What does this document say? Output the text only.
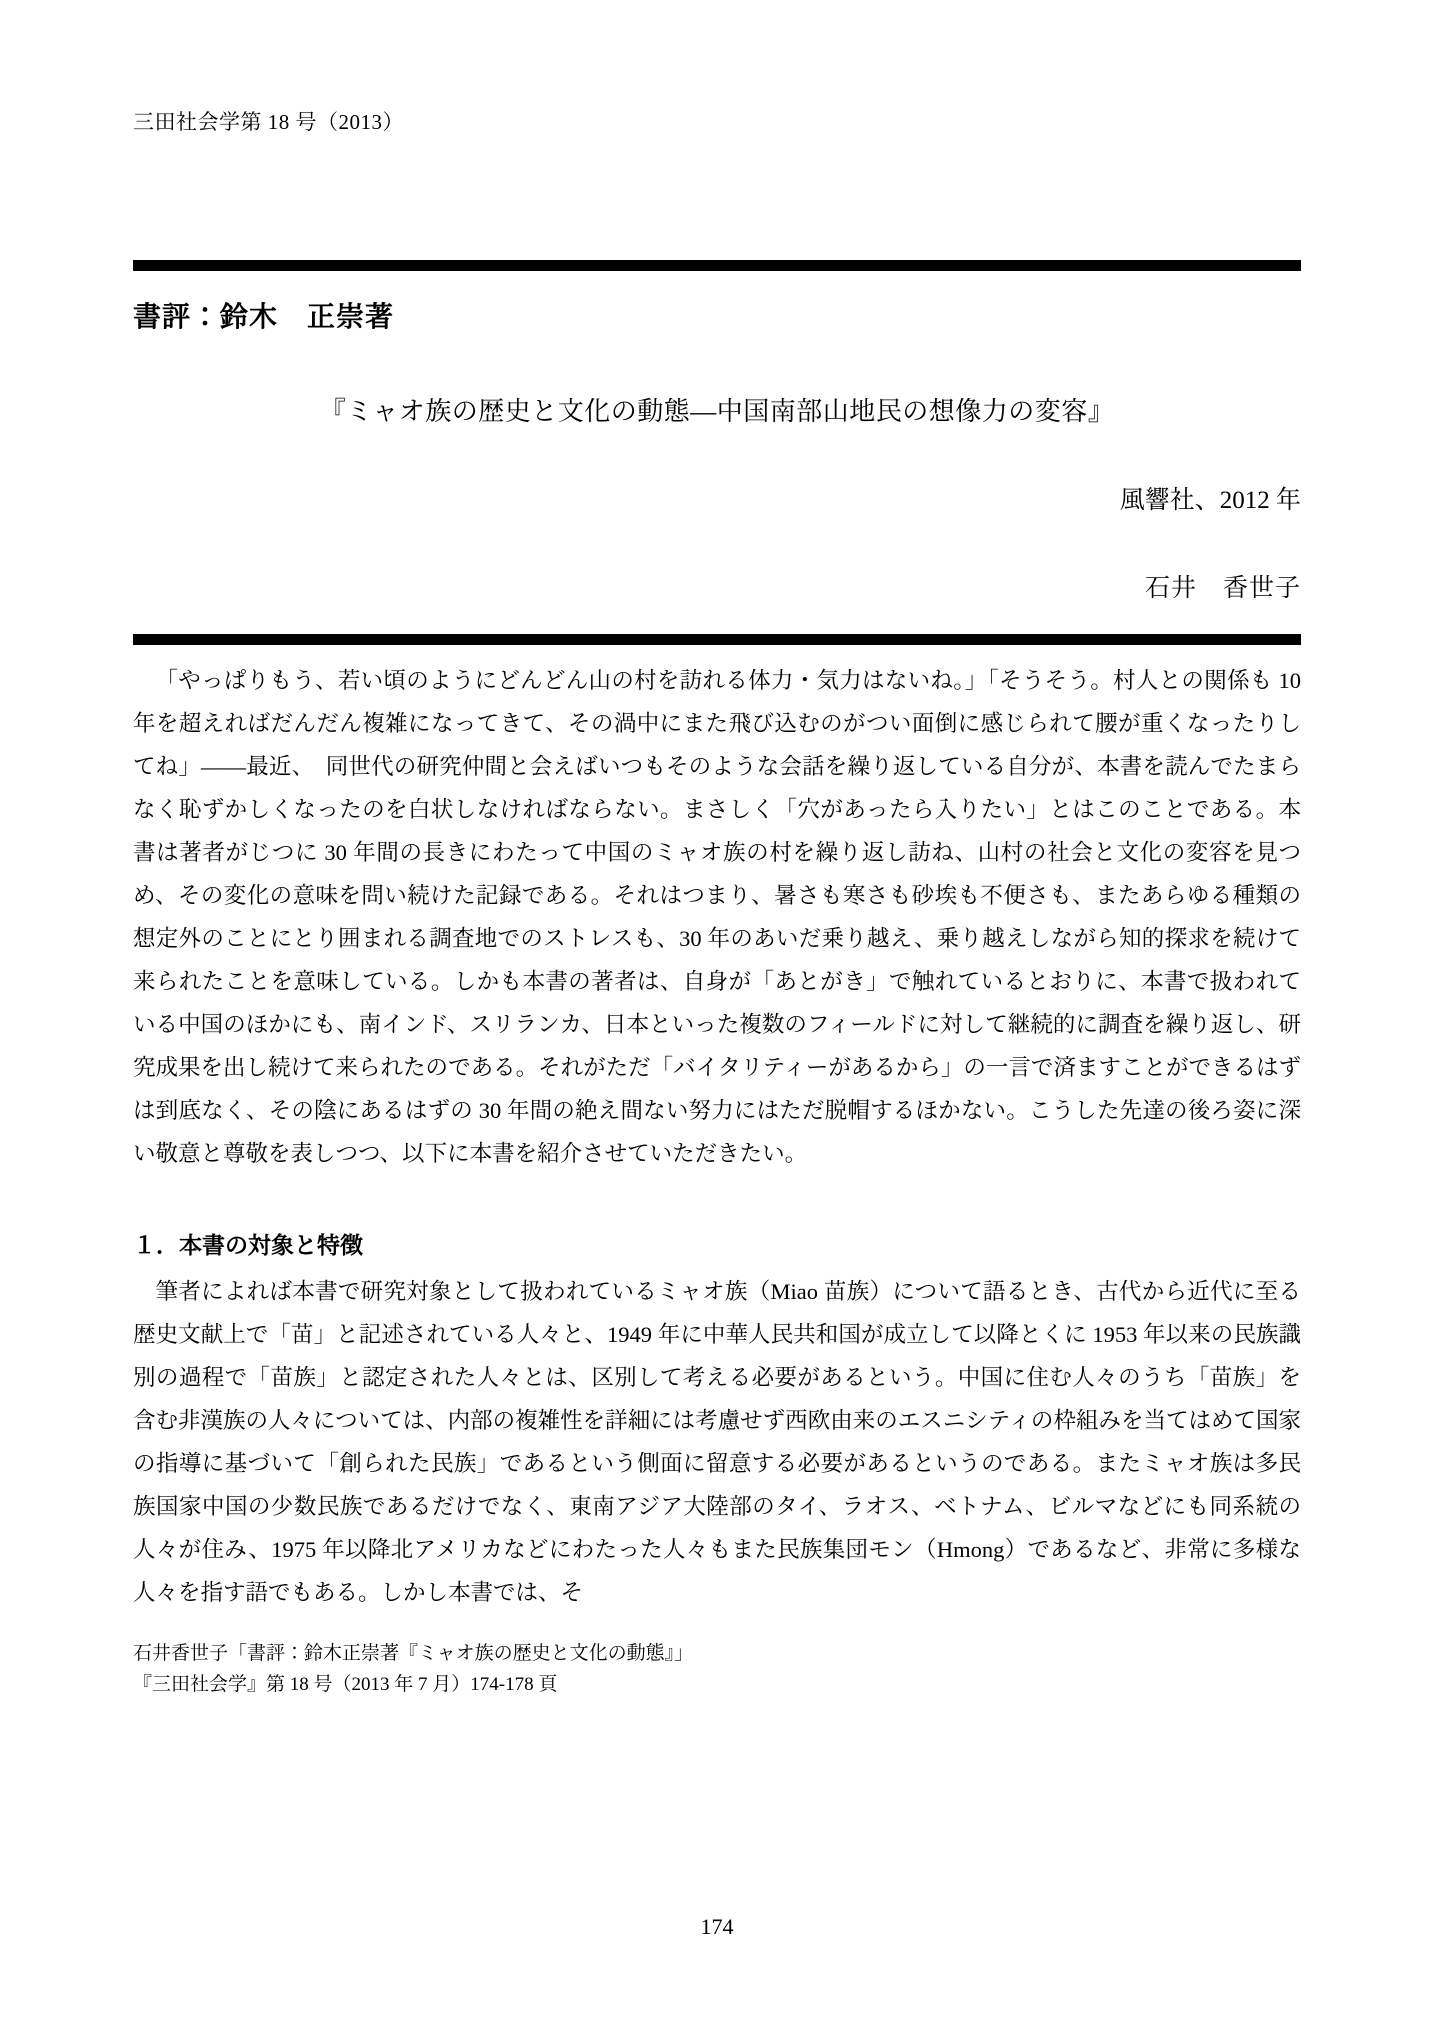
三田社会学第 18 号（2013）
書評：鈴木　正崇著
『ミャオ族の歴史と文化の動態―中国南部山地民の想像力の変容』
風響社、2012 年
石井　香世子

「やっぱりもう、若い頃のようにどんどん山の村を訪れる体力・気力はないね。」「そうそう。村人との関係も 10 年を超えればだんだん複雑になってきて、その渦中にまた飛び込むのがつい面倒に感じられて腰が重くなったりしてね」――最近、　同世代の研究仲間と会えばいつもそのような会話を繰り返している自分が、本書を読んでたまらなく恥ずかしくなったのを白状しなければならない。まさしく「穴があったら入りたい」とはこのことである。本書は著者がじつに 30 年間の長きにわたって中国のミャオ族の村を繰り返し訪ね、山村の社会と文化の変容を見つめ、その変化の意味を問い続けた記録である。それはつまり、暑さも寒さも砂埃も不便さも、またあらゆる種類の想定外のことにとり囲まれる調査地でのストレスも、30 年のあいだ乗り越え、乗り越えしながら知的探求を続けて来られたことを意味している。しかも本書の著者は、自身が「あとがき」で触れているとおりに、本書で扱われている中国のほかにも、南インド、スリランカ、日本といった複数のフィールドに対して継続的に調査を繰り返し、研究成果を出し続けて来られたのである。それがただ「バイタリティーがあるから」の一言で済ますことができるはずは到底なく、その陰にあるはずの 30 年間の絶え間ない努力にはただ脱帽するほかない。こうした先達の後ろ姿に深い敬意と尊敬を表しつつ、以下に本書を紹介させていただきたい。

１．本書の対象と特徴

筆者によれば本書で研究対象として扱われているミャオ族（Miao 苗族）について語るとき、古代から近代に至る歴史文献上で「苗」と記述されている人々と、1949 年に中華人民共和国が成立して以降とくに 1953 年以来の民族識別の過程で「苗族」と認定された人々とは、区別して考える必要があるという。中国に住む人々のうち「苗族」を含む非漢族の人々については、内部の複雑性を詳細には考慮せず西欧由来のエスニシティの枠組みを当てはめて国家の指導に基づいて「創られた民族」であるという側面に留意する必要があるというのである。またミャオ族は多民族国家中国の少数民族であるだけでなく、東南アジア大陸部のタイ、ラオス、ベトナム、ビルマなどにも同系統の人々が住み、1975 年以降北アメリカなどにわたった人々もまた民族集団モン（Hmong）であるなど、非常に多様な人々を指す語でもある。しかし本書では、そ

石井香世子「書評：鈴木正崇著『ミャオ族の歴史と文化の動態』」
『三田社会学』第 18 号（2013 年 7 月）174-178 頁
174
